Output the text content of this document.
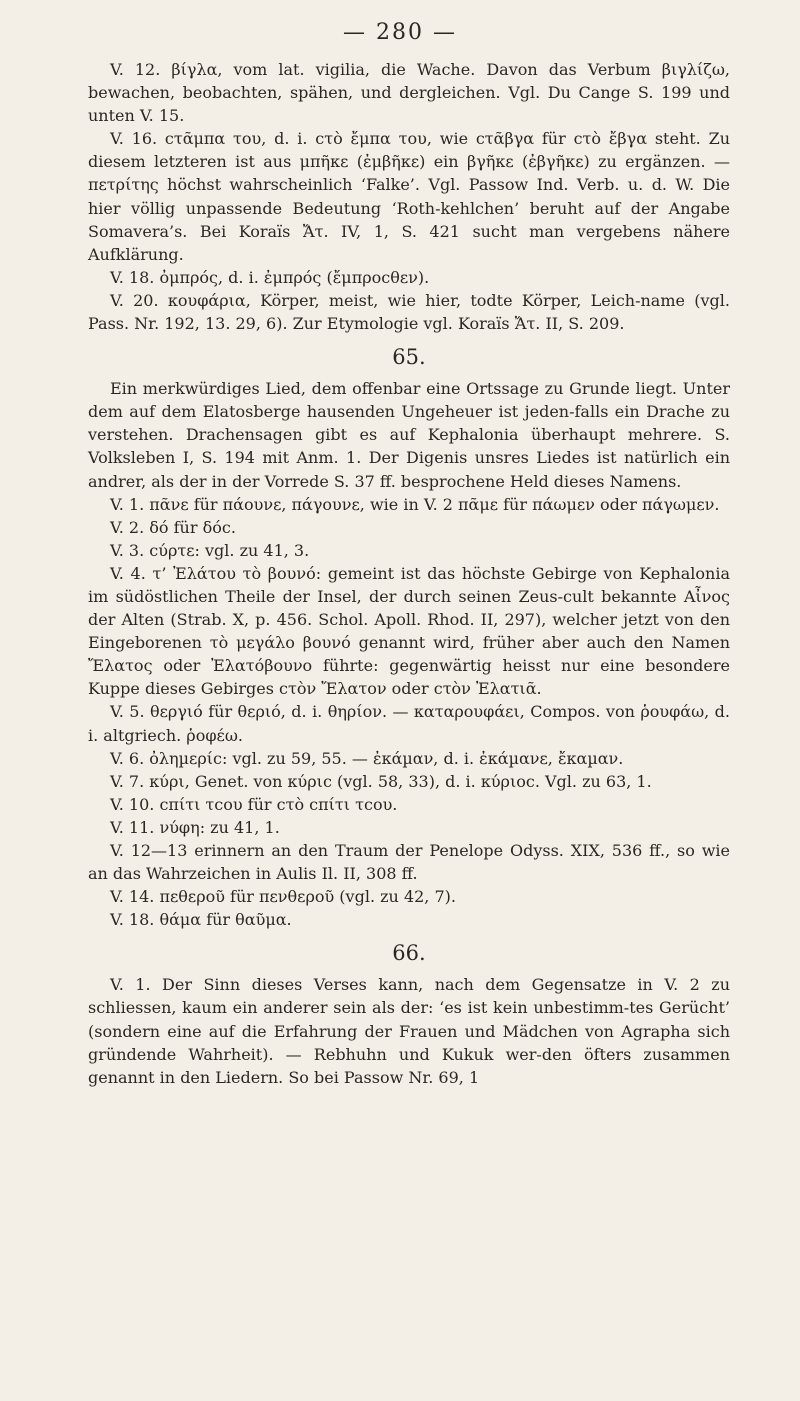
— 280 —

V. 12. βίγλα, vom lat. vigilia, die Wache. Davon das Verbum βιγλίζω, bewachen, beobachten, spähen, und dergleichen. Vgl. Du Cange S. 199 und unten V. 15.

V. 16. cτᾶμπα του, d. i. cτὸ ἔμπα του, wie cτᾶβγα für cτὸ ἔβγα steht. Zu diesem letzteren ist aus μπῆκε (ἐμβῆκε) ein βγῆκε (ἐβγῆκε) zu ergänzen. — πετρίτης höchst wahrscheinlich ‘Falke’. Vgl. Passow Ind. Verb. u. d. W. Die hier völlig unpassende Bedeutung ‘Roth-kehlchen’ beruht auf der Angabe Somavera’s. Bei Koraïs Ἄτ. IV, 1, S. 421 sucht man vergebens nähere Aufklärung.

V. 18. ὀμπρός, d. i. ἐμπρός (ἔμπροcθεν).

V. 20. κουφάρια, Körper, meist, wie hier, todte Körper, Leich-name (vgl. Pass. Nr. 192, 13. 29, 6). Zur Etymologie vgl. Koraïs Ἄτ. II, S. 209.

65.

Ein merkwürdiges Lied, dem offenbar eine Ortssage zu Grunde liegt. Unter dem auf dem Elatosberge hausenden Ungeheuer ist jeden-falls ein Drache zu verstehen. Drachensagen gibt es auf Kephalonia überhaupt mehrere. S. Volksleben I, S. 194 mit Anm. 1. Der Digenis unsres Liedes ist natürlich ein andrer, als der in der Vorrede S. 37 ff. besprochene Held dieses Namens.

V. 1. πᾶνε für πάουνε, πάγουνε, wie in V. 2 πᾶμε für πάωμεν oder πάγωμεν.

V. 2. δό für δόc.

V. 3. cύρτε: vgl. zu 41, 3.

V. 4. τ’ Ἐλάτου τὸ βουνό: gemeint ist das höchste Gebirge von Kephalonia im südöstlichen Theile der Insel, der durch seinen Zeus-cult bekannte Αἶνος der Alten (Strab. X, p. 456. Schol. Apoll. Rhod. II, 297), welcher jetzt von den Eingeborenen τὸ μεγάλο βουνό genannt wird, früher aber auch den Namen Ἔλατος oder Ἐλατόβουνο führte: gegenwärtig heisst nur eine besondere Kuppe dieses Gebirges cτὸν Ἔλατον oder cτὸν Ἐλατιᾶ.

V. 5. θεργιό für θεριό, d. i. θηρίον. — καταρουφάει, Compos. von ῥουφάω, d. i. altgriech. ῥοφέω.

V. 6. ὀληµερίc: vgl. zu 59, 55. — ἐκάµαν, d. i. ἐκάµανε, ἔκαµαν.

V. 7. κύρι, Genet. von κύριc (vgl. 58, 33), d. i. κύριοc. Vgl. zu 63, 1.

V. 10. cπίτι τcου für cτὸ cπίτι τcου.

V. 11. νύφη: zu 41, 1.

V. 12—13 erinnern an den Traum der Penelope Odyss. XIX, 536 ff., so wie an das Wahrzeichen in Aulis Il. II, 308 ff.

V. 14. πεθεροῦ für πενθεροῦ (vgl. zu 42, 7).

V. 18. θάμα für θαῦμα.

66.

V. 1. Der Sinn dieses Verses kann, nach dem Gegensatze in V. 2 zu schliessen, kaum ein anderer sein als der: ‘es ist kein unbestimm-tes Gerücht’ (sondern eine auf die Erfahrung der Frauen und Mädchen von Agrapha sich gründende Wahrheit). — Rebhuhn und Kukuk wer-den öfters zusammen genannt in den Liedern. So bei Passow Nr. 69, 1
